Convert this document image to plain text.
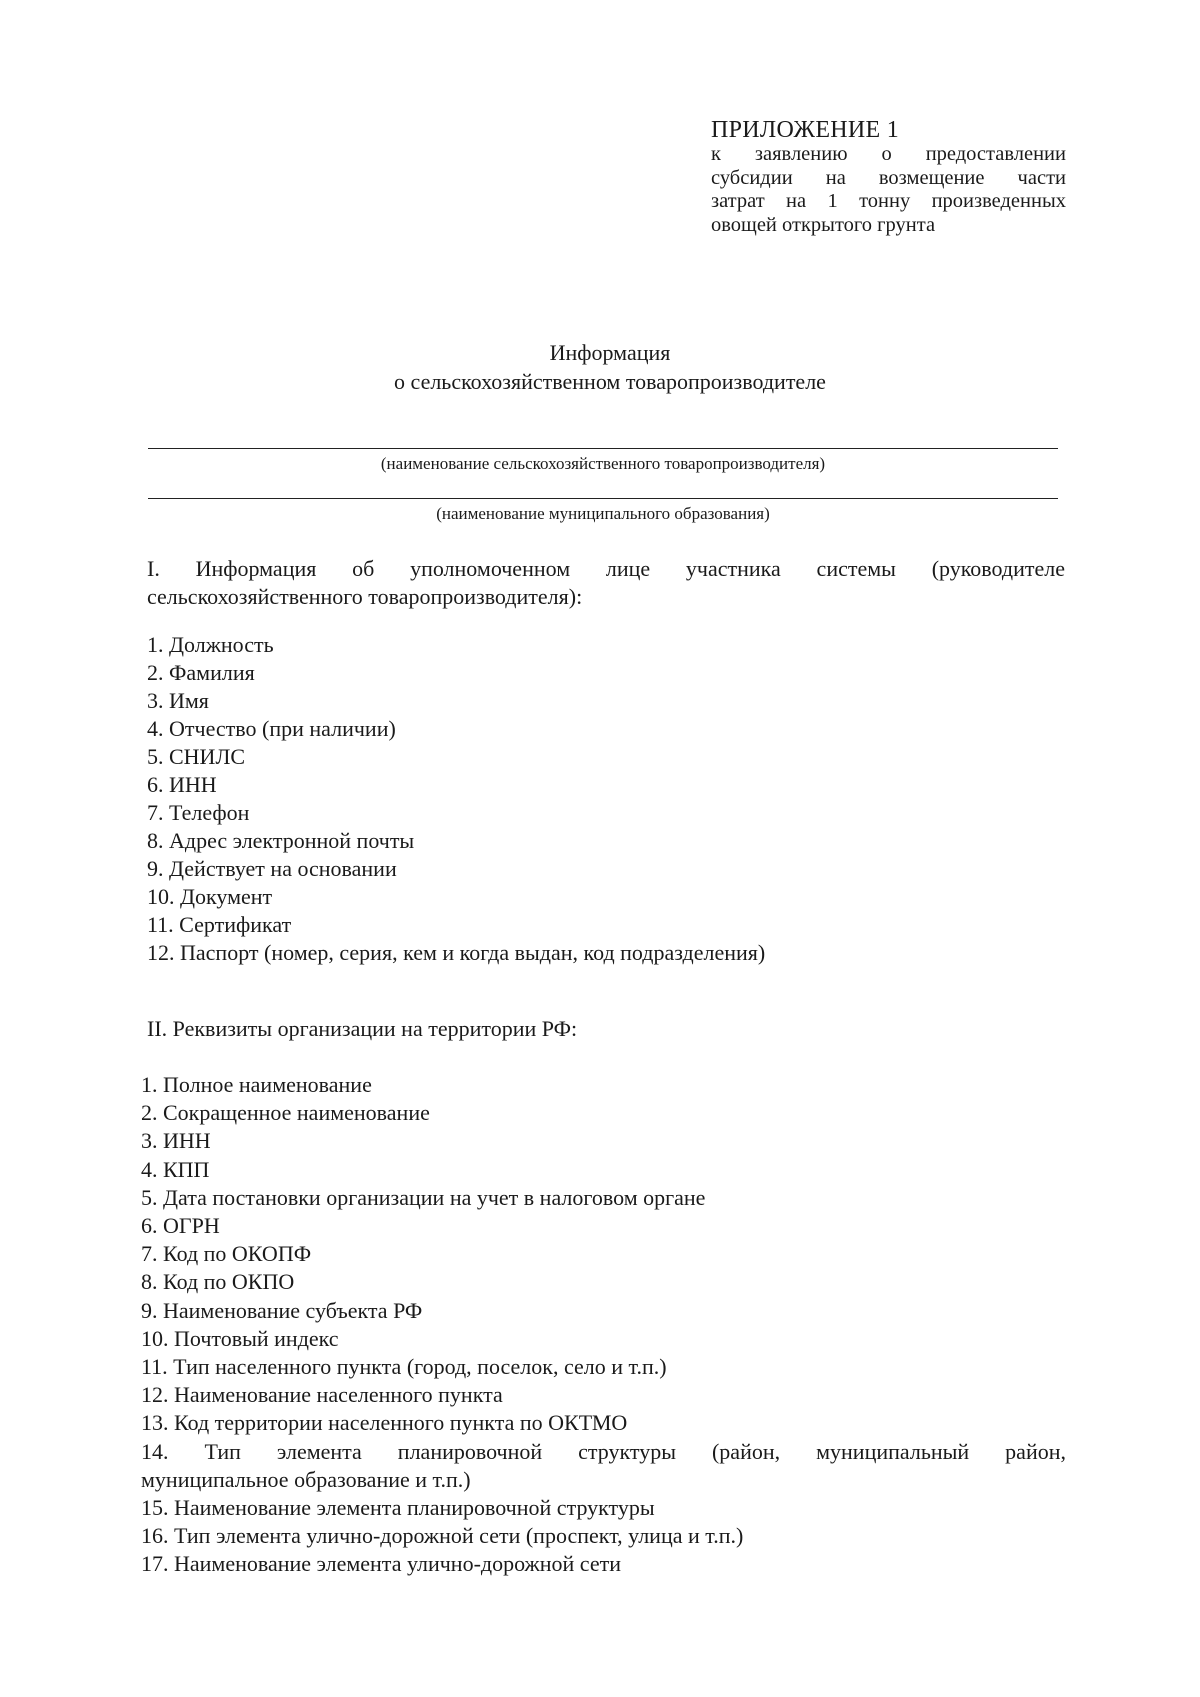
ПРИЛОЖЕНИЕ 1
к заявлению о предоставлении
субсидии на возмещение части
затрат на 1 тонну произведенных
овощей открытого грунта
Информация
о сельскохозяйственном товаропроизводителе
(наименование сельскохозяйственного товаропроизводителя)
(наименование муниципального образования)
I. Информация об уполномоченном лице участника системы (руководителе
сельскохозяйственного товаропроизводителя):
1. Должность
2. Фамилия
3. Имя
4. Отчество (при наличии)
5. СНИЛС
6. ИНН
7. Телефон
8. Адрес электронной почты
9. Действует на основании
10. Документ
11. Сертификат
12. Паспорт (номер, серия, кем и когда выдан, код подразделения)
II. Реквизиты организации на территории РФ:
1. Полное наименование
2. Сокращенное наименование
3. ИНН
4. КПП
5. Дата постановки организации на учет в налоговом органе
6. ОГРН
7. Код по ОКОПФ
8. Код по ОКПО
9. Наименование субъекта РФ
10. Почтовый индекс
11. Тип населенного пункта (город, поселок, село и т.п.)
12. Наименование населенного пункта
13. Код территории населенного пункта по ОКТМО
14. Тип элемента планировочной структуры (район, муниципальный район,
муниципальное образование и т.п.)
15. Наименование элемента планировочной структуры
16. Тип элемента улично-дорожной сети (проспект, улица и т.п.)
17. Наименование элемента улично-дорожной сети
